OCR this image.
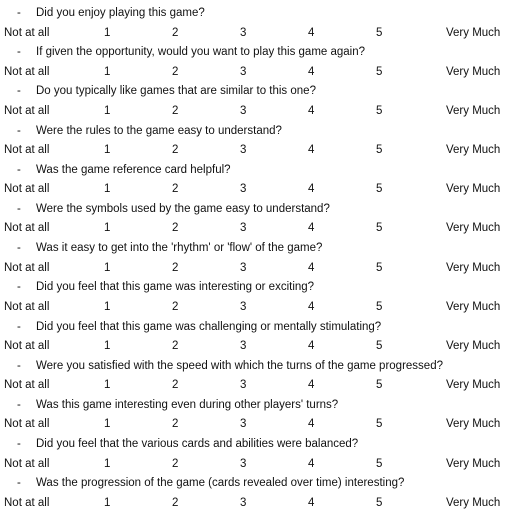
- Did you enjoy playing this game?
Not at all	1	2	3	4	5	Very Much
- If given the opportunity, would you want to play this game again?
Not at all	1	2	3	4	5	Very Much
- Do you typically like games that are similar to this one?
Not at all	1	2	3	4	5	Very Much
- Were the rules to the game easy to understand?
Not at all	1	2	3	4	5	Very Much
- Was the game reference card helpful?
Not at all	1	2	3	4	5	Very Much
- Were the symbols used by the game easy to understand?
Not at all	1	2	3	4	5	Very Much
- Was it easy to get into the 'rhythm' or 'flow' of the game?
Not at all	1	2	3	4	5	Very Much
- Did you feel that this game was interesting or exciting?
Not at all	1	2	3	4	5	Very Much
- Did you feel that this game was challenging or mentally stimulating?
Not at all	1	2	3	4	5	Very Much
- Were you satisfied with the speed with which the turns of the game progressed?
Not at all	1	2	3	4	5	Very Much
- Was this game interesting even during other players' turns?
Not at all	1	2	3	4	5	Very Much
- Did you feel that the various cards and abilities were balanced?
Not at all	1	2	3	4	5	Very Much
- Was the progression of the game (cards revealed over time) interesting?
Not at all	1	2	3	4	5	Very Much
